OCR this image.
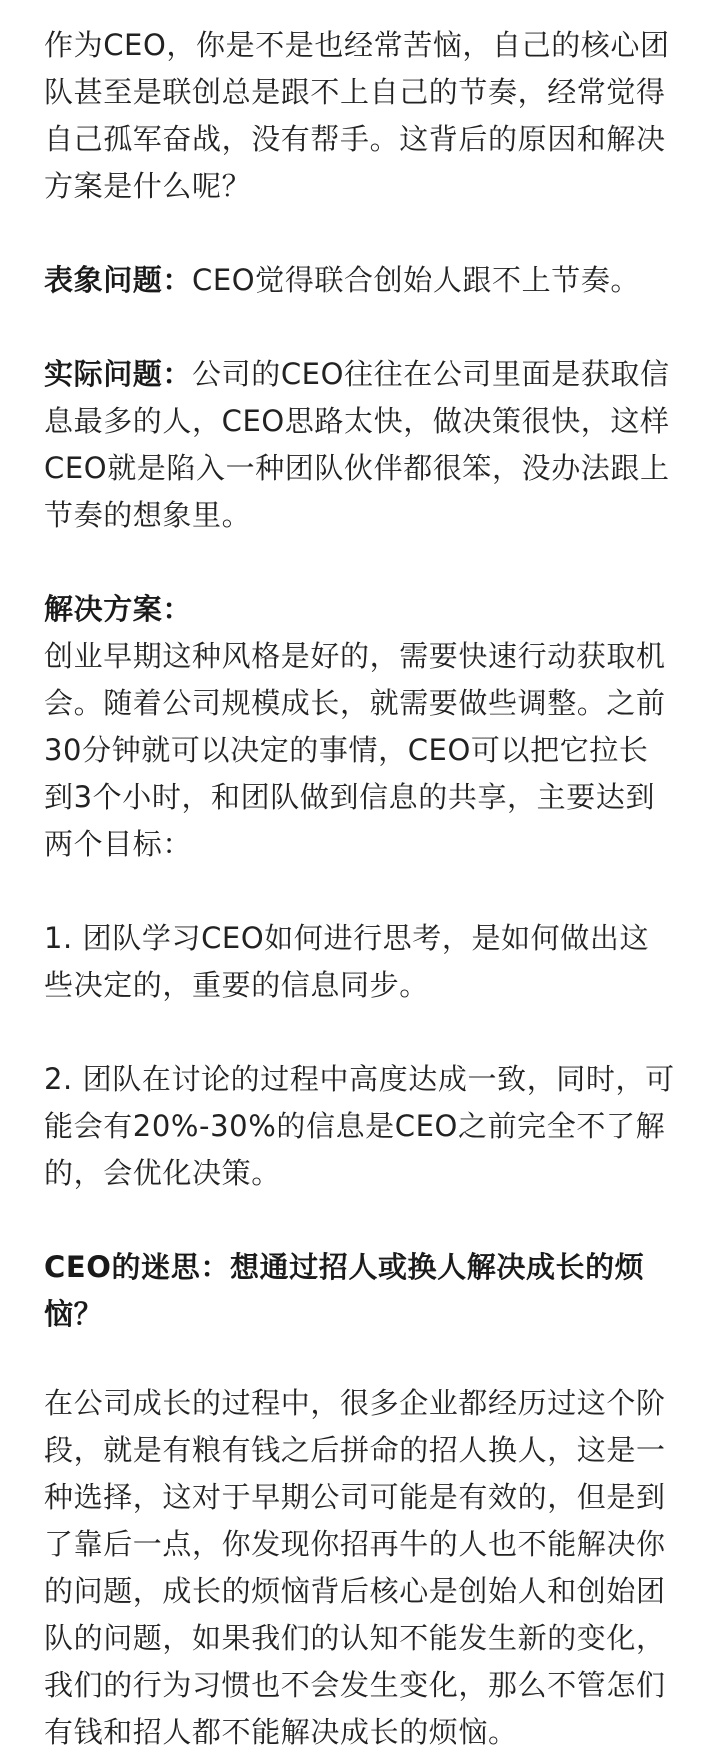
作为CEO，你是不是也经常苦恼，自己的核心团队甚至是联创总是跟不上自己的节奏，经常觉得自己孤军奋战，没有帮手。这背后的原因和解决方案是什么呢？

表象问题：CEO觉得联合创始人跟不上节奏。

实际问题：公司的CEO往往在公司里面是获取信息最多的人，CEO思路太快，做决策很快，这样CEO就是陷入一种团队伙伴都很笨，没办法跟上节奏的想象里。

解决方案：

创业早期这种风格是好的，需要快速行动获取机会。随着公司规模成长，就需要做些调整。之前30分钟就可以决定的事情，CEO可以把它拉长到3个小时，和团队做到信息的共享，主要达到两个目标：

1. 团队学习CEO如何进行思考，是如何做出这些决定的，重要的信息同步。

2. 团队在讨论的过程中高度达成一致，同时，可能会有20%-30%的信息是CEO之前完全不了解的，会优化决策。

CEO的迷思：想通过招人或换人解决成长的烦恼？

在公司成长的过程中，很多企业都经历过这个阶段，就是有粮有钱之后拼命的招人换人，这是一种选择，这对于早期公司可能是有效的，但是到了靠后一点，你发现你招再牛的人也不能解决你的问题，成长的烦恼背后核心是创始人和创始团队的问题，如果我们的认知不能发生新的变化，我们的行为习惯也不会发生变化，那么不管怎们有钱和招人都不能解决成长的烦恼。
